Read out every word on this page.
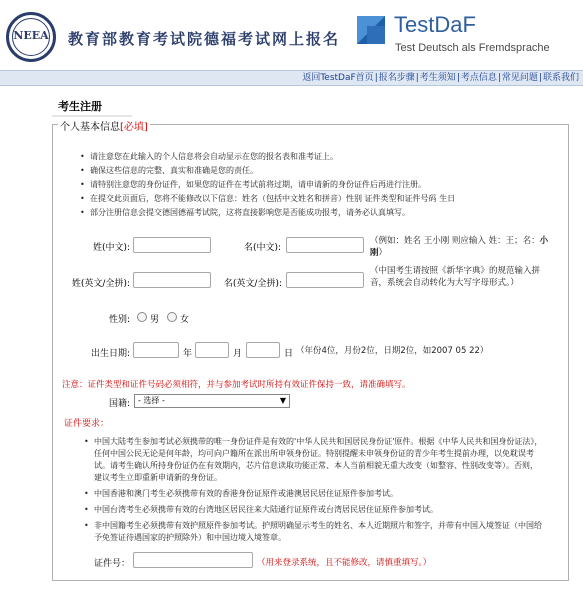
NEEA 教育部教育考试院德福考试网上报名
TestDaF
Test Deutsch als Fremdsprache
返回TestDaF首页|报名步骤|考生须知|考点信息|常见问题|联系我们
考生注册
个人基本信息[必填]
• 请注意您在此输入的个人信息将会自动显示在您的报名表和准考证上。
• 确保这些信息的完整、真实和准确是您的责任。
• 请特别注意您的身份证件，如果您的证件在考试前将过期，请申请新的身份证件后再进行注册。
• 在提交此页面后，您将不能修改以下信息：姓名（包括中文姓名和拼音）性别 证件类型和证件号码 生日
• 部分注册信息会提交德国德福考试院，这将直接影响您是否能成功报考，请务必认真填写。
姓(中文):	名(中文):
（例如：姓名 王小刚 则应输入 姓：王；名：小刚）
姓(英文/全拼):	名(英文/全拼):
（中国考生请按照《新华字典》的规范输入拼音，系统会自动转化为大写字母形式。）
性别: 男 女
出生日期:	年	月	日 （年份4位，月份2位，日期2位，如2007 05 22）
注意：证件类型和证件号码必须相符，并与参加考试时所持有效证件保持一致，请准确填写。
国籍:	- 选择 -	▼
证件要求：
• 中国大陆考生参加考试必须携带的唯一身份证件是有效的'中华人民共和国居民身份证'原件。根据《中华人民共和国身份证法》，任何中国公民无论是何年龄，均可向户籍所在派出所申领身份证。特别提醒未申领身份证的青少年考生提前办理，以免耽误考试。请考生确认所持身份证仍在有效期内，芯片信息读取功能正常、本人当前相貌无重大改变（如整容、性别改变等）。否则，建议考生立即重新申请新的身份证。
• 中国香港和澳门考生必须携带有效的香港身份证原件或港澳居民居住证原件参加考试。
• 中国台湾考生必须携带有效的台湾地区居民往来大陆通行证原件或台湾居民居住证原件参加考试。
• 非中国籍考生必须携带有效护照原件参加考试。护照明确显示考生的姓名、本人近期照片和签字，并带有中国入境签证（中国给予免签证待遇国家的护照除外）和中国边境入境签章。
证件号：	（用来登录系统，且不能修改，请慎重填写。）
